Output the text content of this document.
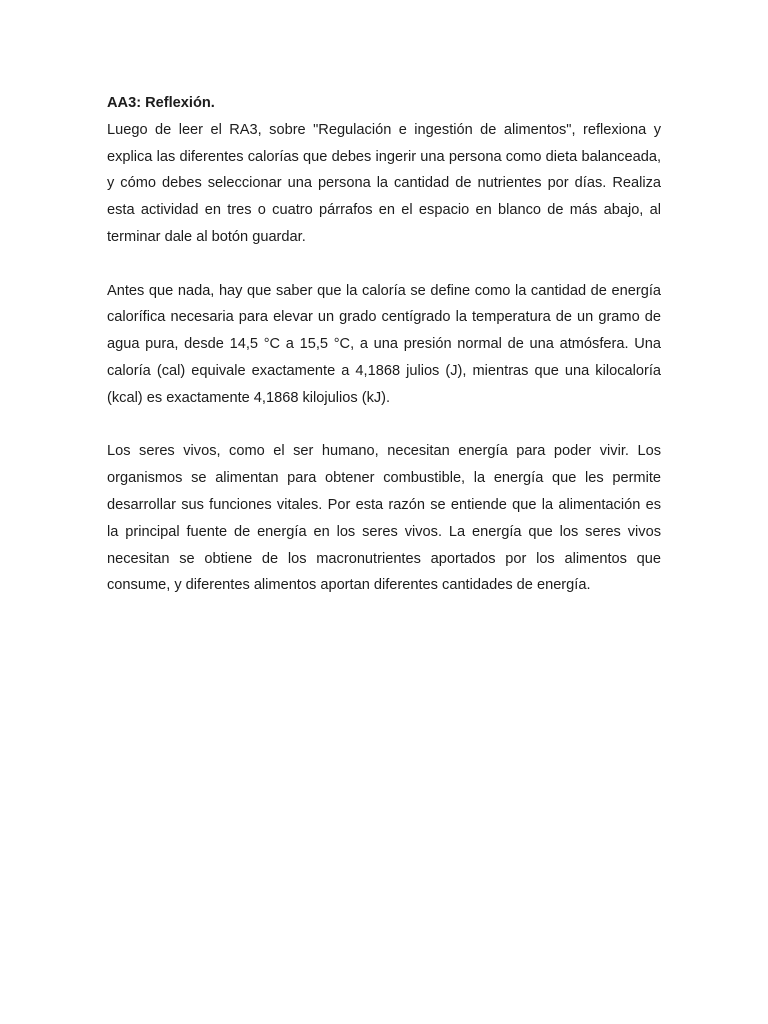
AA3: Reflexión.

Luego de leer el RA3, sobre "Regulación e ingestión de alimentos", reflexiona y explica las diferentes calorías que debes ingerir una persona como dieta balanceada, y cómo debes seleccionar una persona la cantidad de nutrientes por días. Realiza esta actividad en tres o cuatro párrafos en el espacio en blanco de más abajo, al terminar dale al botón guardar.

Antes que nada, hay que saber que la caloría se define como la cantidad de energía calorífica necesaria para elevar un grado centígrado la temperatura de un gramo de agua pura, desde 14,5 °C a 15,5 °C, a una presión normal de una atmósfera. Una caloría (cal) equivale exactamente a 4,1868 julios (J), mientras que una kilocaloría (kcal) es exactamente 4,1868 kilojulios (kJ).

Los seres vivos, como el ser humano, necesitan energía para poder vivir. Los organismos se alimentan para obtener combustible, la energía que les permite desarrollar sus funciones vitales. Por esta razón se entiende que la alimentación es la principal fuente de energía en los seres vivos. La energía que los seres vivos necesitan se obtiene de los macronutrientes aportados por los alimentos que consume, y diferentes alimentos aportan diferentes cantidades de energía.
